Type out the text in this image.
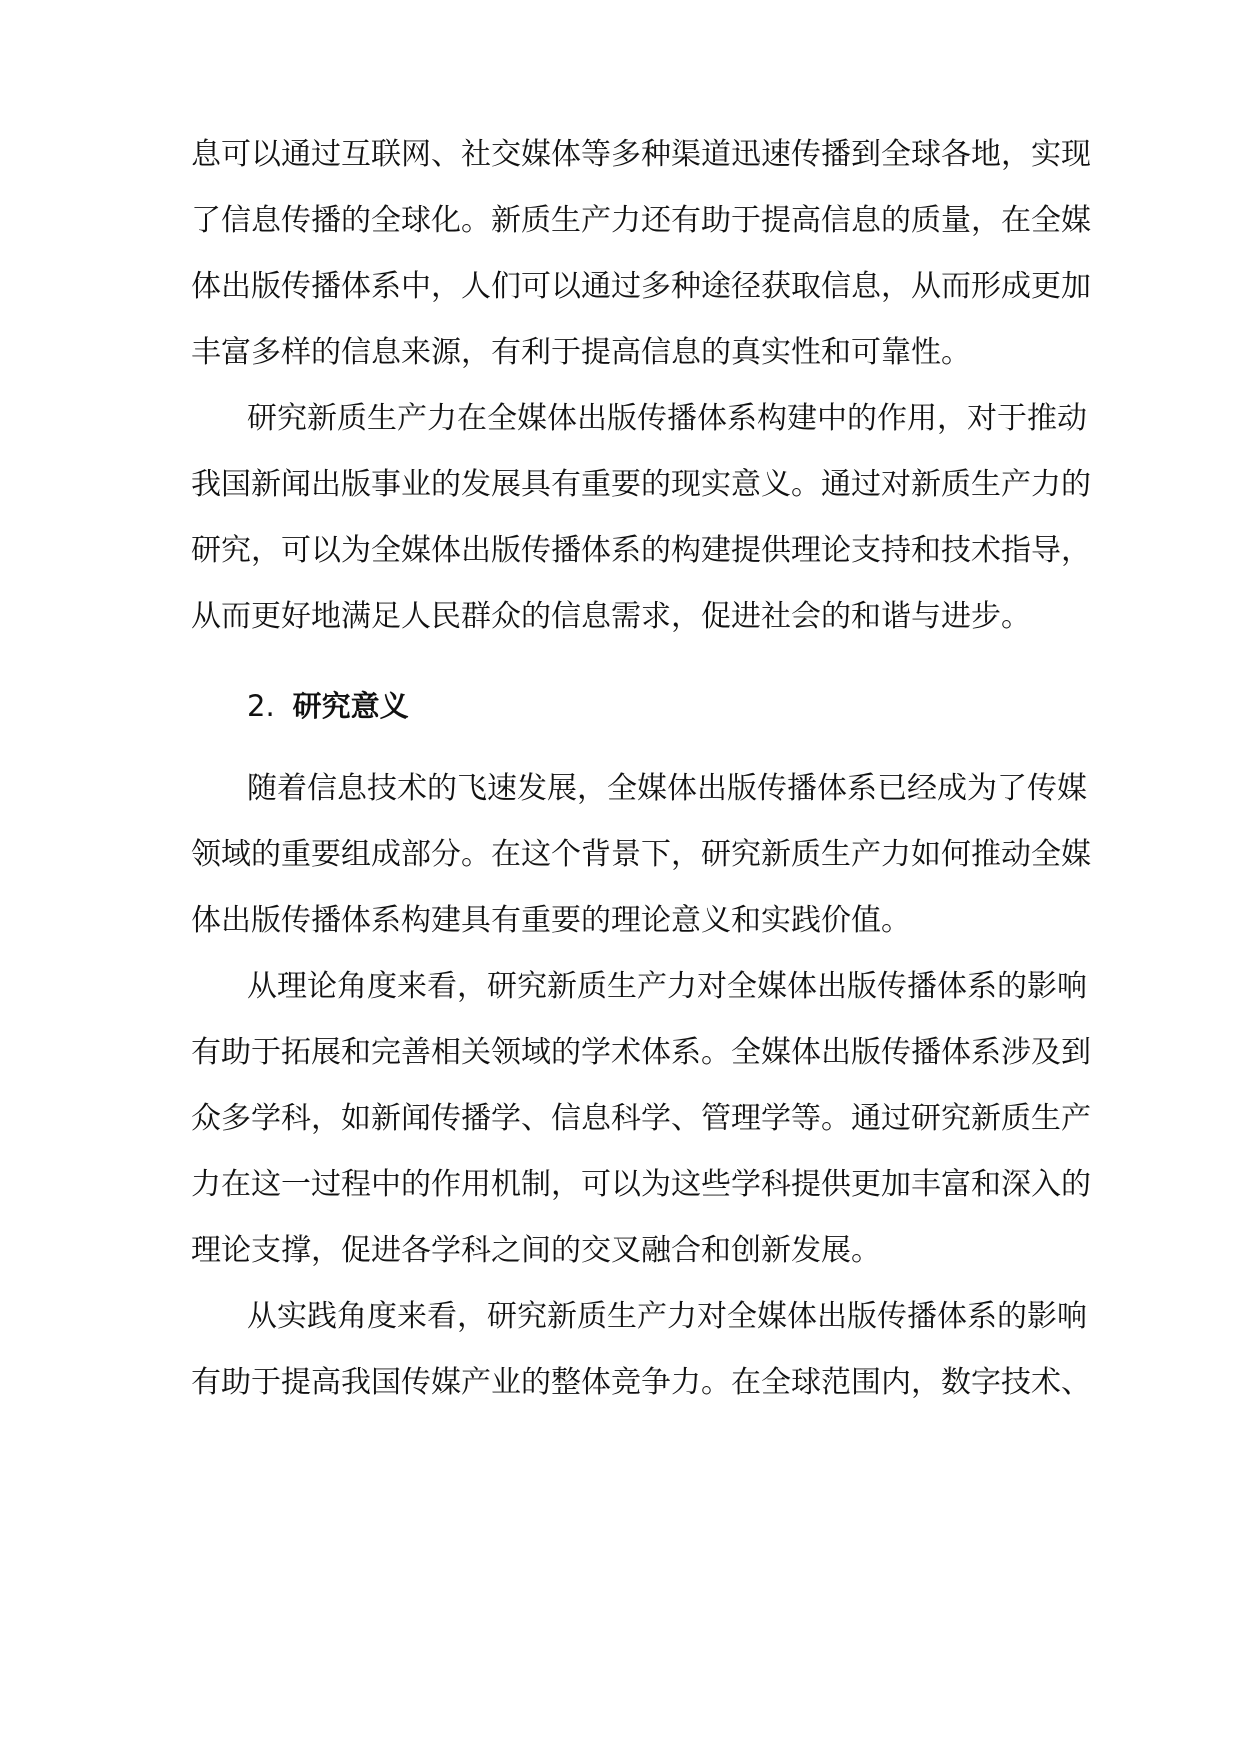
息可以通过互联网、社交媒体等多种渠道迅速传播到全球各地，实现
了信息传播的全球化。新质生产力还有助于提高信息的质量，在全媒
体出版传播体系中，人们可以通过多种途径获取信息，从而形成更加
丰富多样的信息来源，有利于提高信息的真实性和可靠性。
研究新质生产力在全媒体出版传播体系构建中的作用，对于推动
我国新闻出版事业的发展具有重要的现实意义。通过对新质生产力的
研究，可以为全媒体出版传播体系的构建提供理论支持和技术指导，
从而更好地满足人民群众的信息需求，促进社会的和谐与进步。
2. 研究意义
随着信息技术的飞速发展，全媒体出版传播体系已经成为了传媒
领域的重要组成部分。在这个背景下，研究新质生产力如何推动全媒
体出版传播体系构建具有重要的理论意义和实践价值。
从理论角度来看，研究新质生产力对全媒体出版传播体系的影响
有助于拓展和完善相关领域的学术体系。全媒体出版传播体系涉及到
众多学科，如新闻传播学、信息科学、管理学等。通过研究新质生产
力在这一过程中的作用机制，可以为这些学科提供更加丰富和深入的
理论支撑，促进各学科之间的交叉融合和创新发展。
从实践角度来看，研究新质生产力对全媒体出版传播体系的影响
有助于提高我国传媒产业的整体竞争力。在全球范围内，数字技术、
